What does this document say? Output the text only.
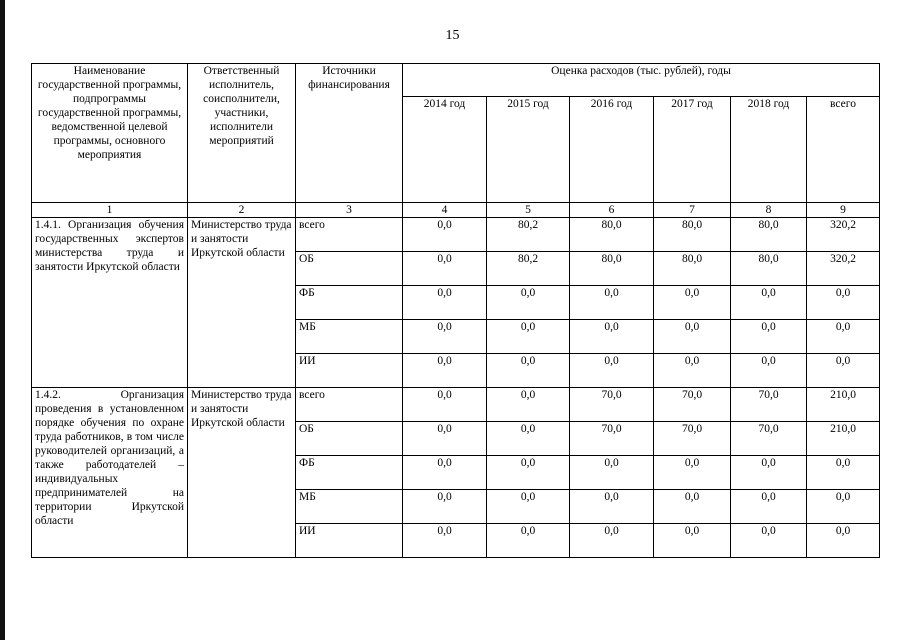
15
Наименование государственной программы, подпрограммы государственной программы, ведомственной целевой программы, основного мероприятия	Ответственный исполнитель, соисполнители, участники, исполнители мероприятий	Источники финансирования	Оценка расходов (тыс. рублей), годы					
			2014 год	2015 год	2016 год	2017 год	2018 год	всего
1	2	3	4	5	6	7	8	9
1.4.1. Организация обучения государственных экспертов министерства труда и занятости Иркутской области	Министерство труда и занятости Иркутской области	всего	0,0	80,2	80,0	80,0	80,0	320,2
		ОБ	0,0	80,2	80,0	80,0	80,0	320,2
		ФБ	0,0	0,0	0,0	0,0	0,0	0,0
		МБ	0,0	0,0	0,0	0,0	0,0	0,0
		ИИ	0,0	0,0	0,0	0,0	0,0	0,0
1.4.2. Организация проведения в установленном порядке обучения по охране труда работников, в том числе руководителей организаций, а также работодателей – индивидуальных предпринимателей на территории Иркутской области	Министерство труда и занятости Иркутской области	всего	0,0	0,0	70,0	70,0	70,0	210,0
		ОБ	0,0	0,0	70,0	70,0	70,0	210,0
		ФБ	0,0	0,0	0,0	0,0	0,0	0,0
		МБ	0,0	0,0	0,0	0,0	0,0	0,0
		ИИ	0,0	0,0	0,0	0,0	0,0	0,0
